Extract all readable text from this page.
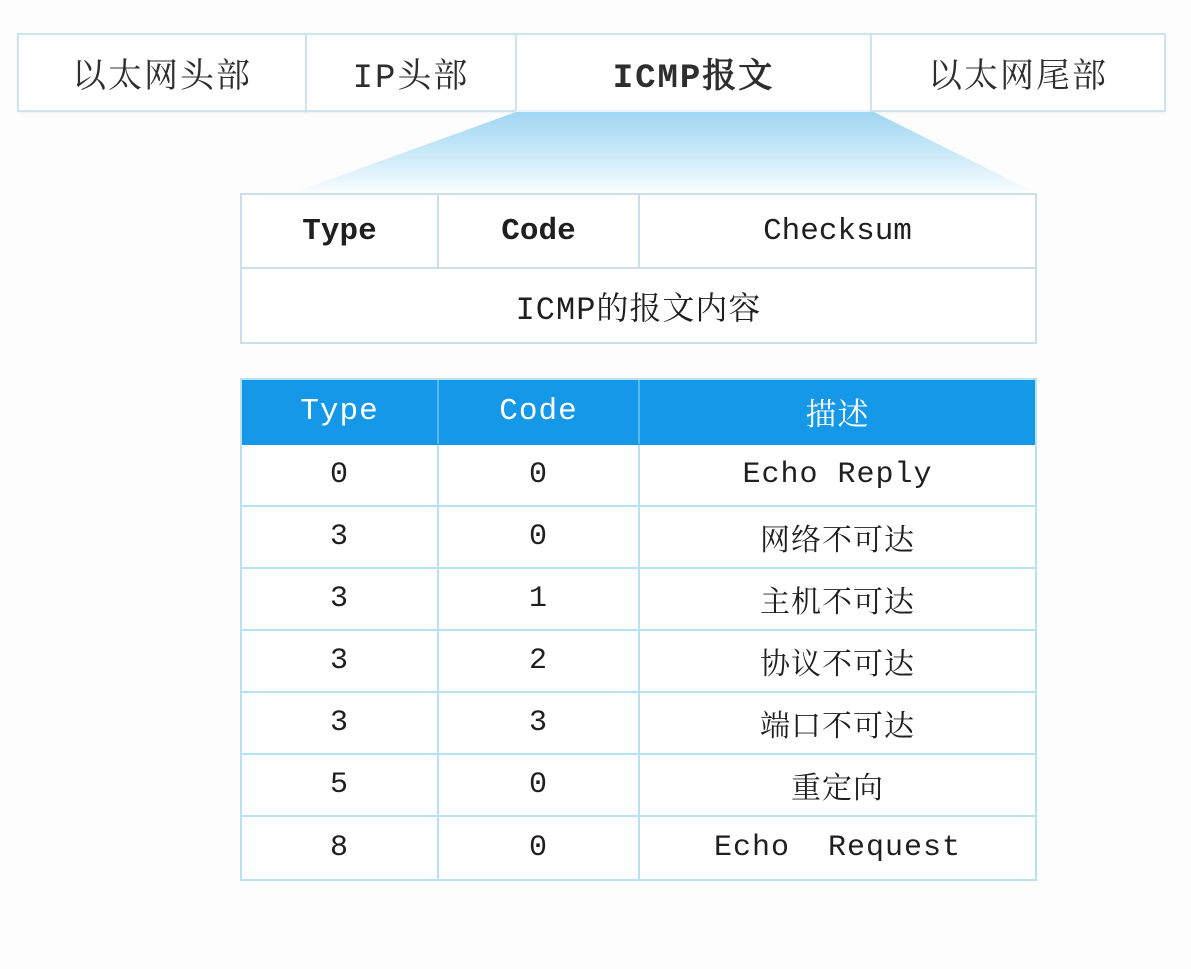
以太网头部	IP头部	ICMP报文	以太网尾部
Type	Code	Checksum
ICMP的报文内容
Type	Code	描述
0	0	Echo Reply
3	0	网络不可达
3	1	主机不可达
3	2	协议不可达
3	3	端口不可达
5	0	重定向
8	0	Echo  Request
